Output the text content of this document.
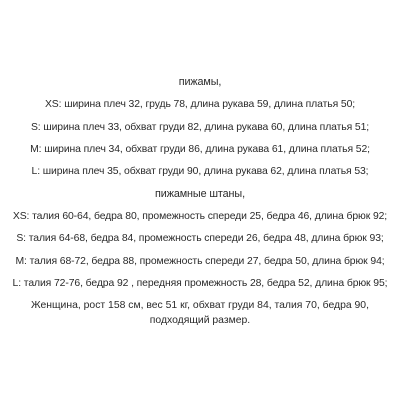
пижамы,
XS: ширина плеч 32, грудь 78, длина рукава 59, длина платья 50;
S: ширина плеч 33, обхват груди 82, длина рукава 60, длина платья 51;
M: ширина плеч 34, обхват груди 86, длина рукава 61, длина платья 52;
L: ширина плеч 35, обхват груди 90, длина рукава 62, длина платья 53;
пижамные штаны,
XS: талия 60-64, бедра 80, промежность спереди 25, бедра 46, длина брюк 92;
S: талия 64-68, бедра 84, промежность спереди 26, бедра 48, длина брюк 93;
M: талия 68-72, бедра 88, промежность спереди 27, бедра 50, длина брюк 94;
L: талия 72-76, бедра 92 , передняя промежность 28, бедра 52, длина брюк 95;
Женщина, рост 158 см, вес 51 кг, обхват груди 84, талия 70, бедра 90, подходящий размер.
